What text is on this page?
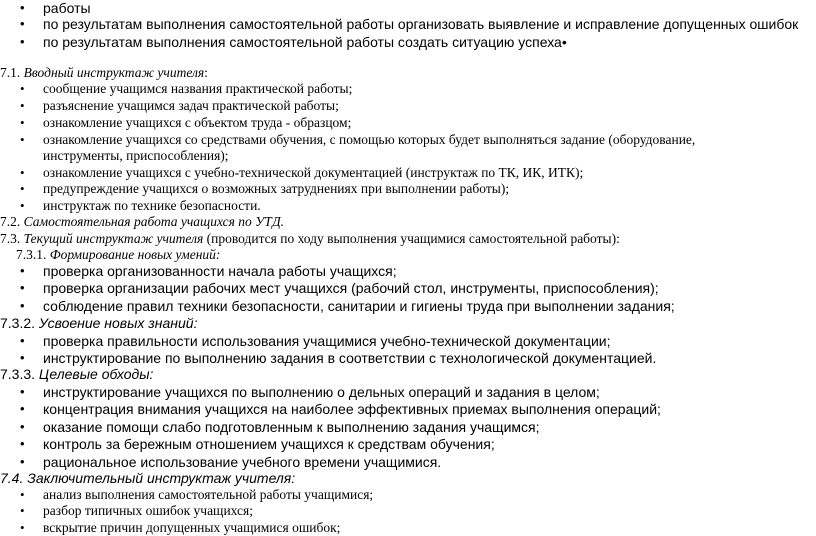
• работы
• по результатам выполнения самостоятельной работы организовать выявление и исправление допущенных ошибок
• по результатам выполнения самостоятельной работы создать ситуацию успеха•
7.1. Вводный инструктаж учителя:
• сообщение учащимся названия практической работы;
• разъяснение учащимся задач практической работы;
• ознакомление учащихся с объектом труда - образцом;
• ознакомление учащихся со средствами обучения, с помощью которых будет выполняться задание (оборудование,
инструменты, приспособления);
• ознакомление учащихся с учебно-технической документацией (инструктаж по ТК, ИК, ИТК);
• предупреждение учащихся о возможных затруднениях при выполнении работы);
• инструктаж по технике безопасности.
7.2. Самостоятельная работа учащихся по УТД.
7.3. Текущий инструктаж учителя (проводится по ходу выполнения учащимися самостоятельной работы):
7.3.1. Формирование новых умений:
• проверка организованности начала работы учащихся;
• проверка организации рабочих мест учащихся (рабочий стол, инструменты, приспособления);
• соблюдение правил техники безопасности, санитарии и гигиены труда при выполнении задания;
7.3.2. Усвоение новых знаний:
• проверка правильности использования учащимися учебно-технической документации;
• инструктирование по выполнению задания в соответствии с технологической документацией.
7.3.3. Целевые обходы:
• инструктирование учащихся по выполнению о дельных операций и задания в целом;
• концентрация внимания учащихся на наиболее эффективных приемах выполнения операций;
• оказание помощи слабо подготовленным к выполнению задания учащимся;
• контроль за бережным отношением учащихся к средствам обучения;
• рациональное использование учебного времени учащимися.
7.4. Заключительный инструктаж учителя:
• анализ выполнения самостоятельной работы учащимися;
• разбор типичных ошибок учащихся;
• вскрытие причин допущенных учащимися ошибок;
